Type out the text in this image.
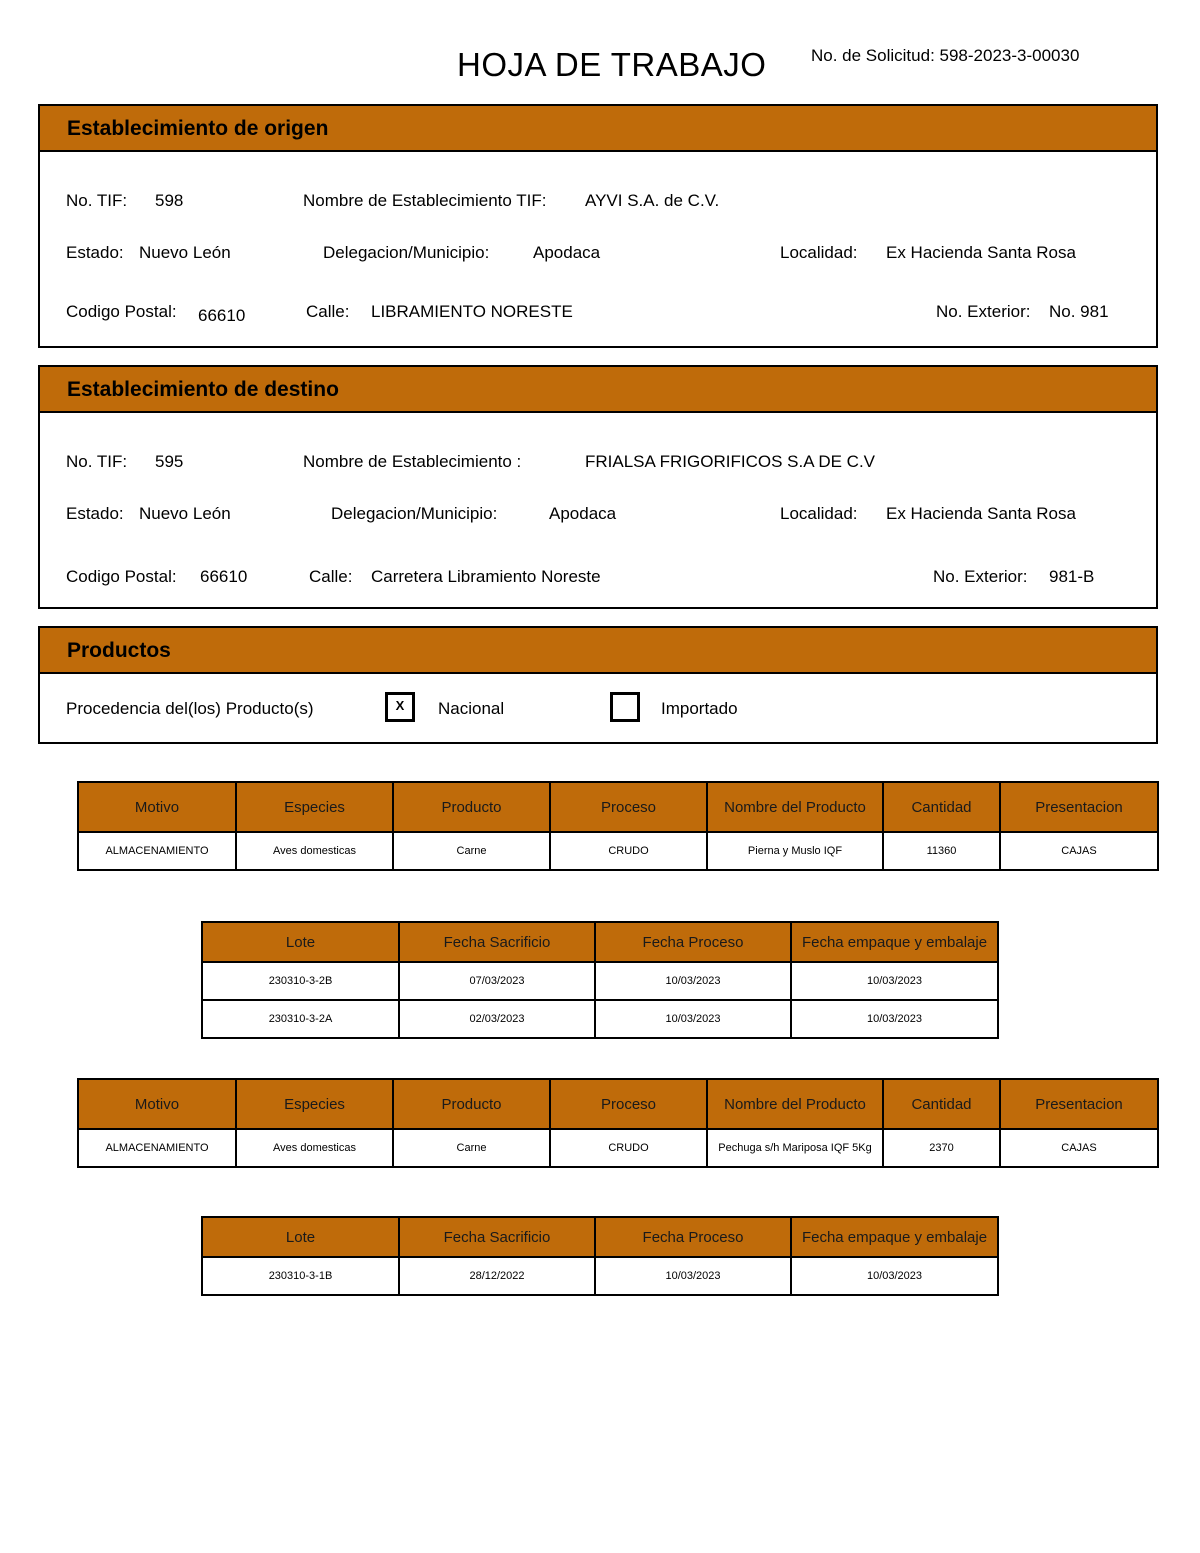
HOJA DE TRABAJO	No. de Solicitud: 598-2023-3-00030
Establecimiento de origen
No. TIF: 598	Nombre de Establecimiento TIF: AYVI S.A. de C.V.
Estado: Nuevo León	Delegacion/Municipio:	Apodaca	Localidad: Ex Hacienda Santa Rosa
Codigo Postal: 66610	Calle: LIBRAMIENTO NORESTE	No. Exterior: No. 981
Establecimiento de destino
No. TIF: 595	Nombre de Establecimiento :	FRIALSA FRIGORIFICOS S.A DE C.V
Estado: Nuevo León	Delegacion/Municipio:	Apodaca	Localidad: Ex Hacienda Santa Rosa
Codigo Postal: 66610	Calle: Carretera Libramiento Noreste	No. Exterior: 981-B
Productos
Procedencia del(los) Producto(s)	X	Nacional	Importado
Motivo	Especies	Producto	Proceso	Nombre del Producto	Cantidad	Presentacion
ALMACENAMIENTO	Aves domesticas	Carne	CRUDO	Pierna y Muslo IQF	11360	CAJAS
Lote	Fecha Sacrificio	Fecha Proceso	Fecha empaque y embalaje
230310-3-2B	07/03/2023	10/03/2023	10/03/2023
230310-3-2A	02/03/2023	10/03/2023	10/03/2023
Motivo	Especies	Producto	Proceso	Nombre del Producto	Cantidad	Presentacion
ALMACENAMIENTO	Aves domesticas	Carne	CRUDO	Pechuga s/h Mariposa IQF 5Kg	2370	CAJAS
Lote	Fecha Sacrificio	Fecha Proceso	Fecha empaque y embalaje
230310-3-1B	28/12/2022	10/03/2023	10/03/2023
